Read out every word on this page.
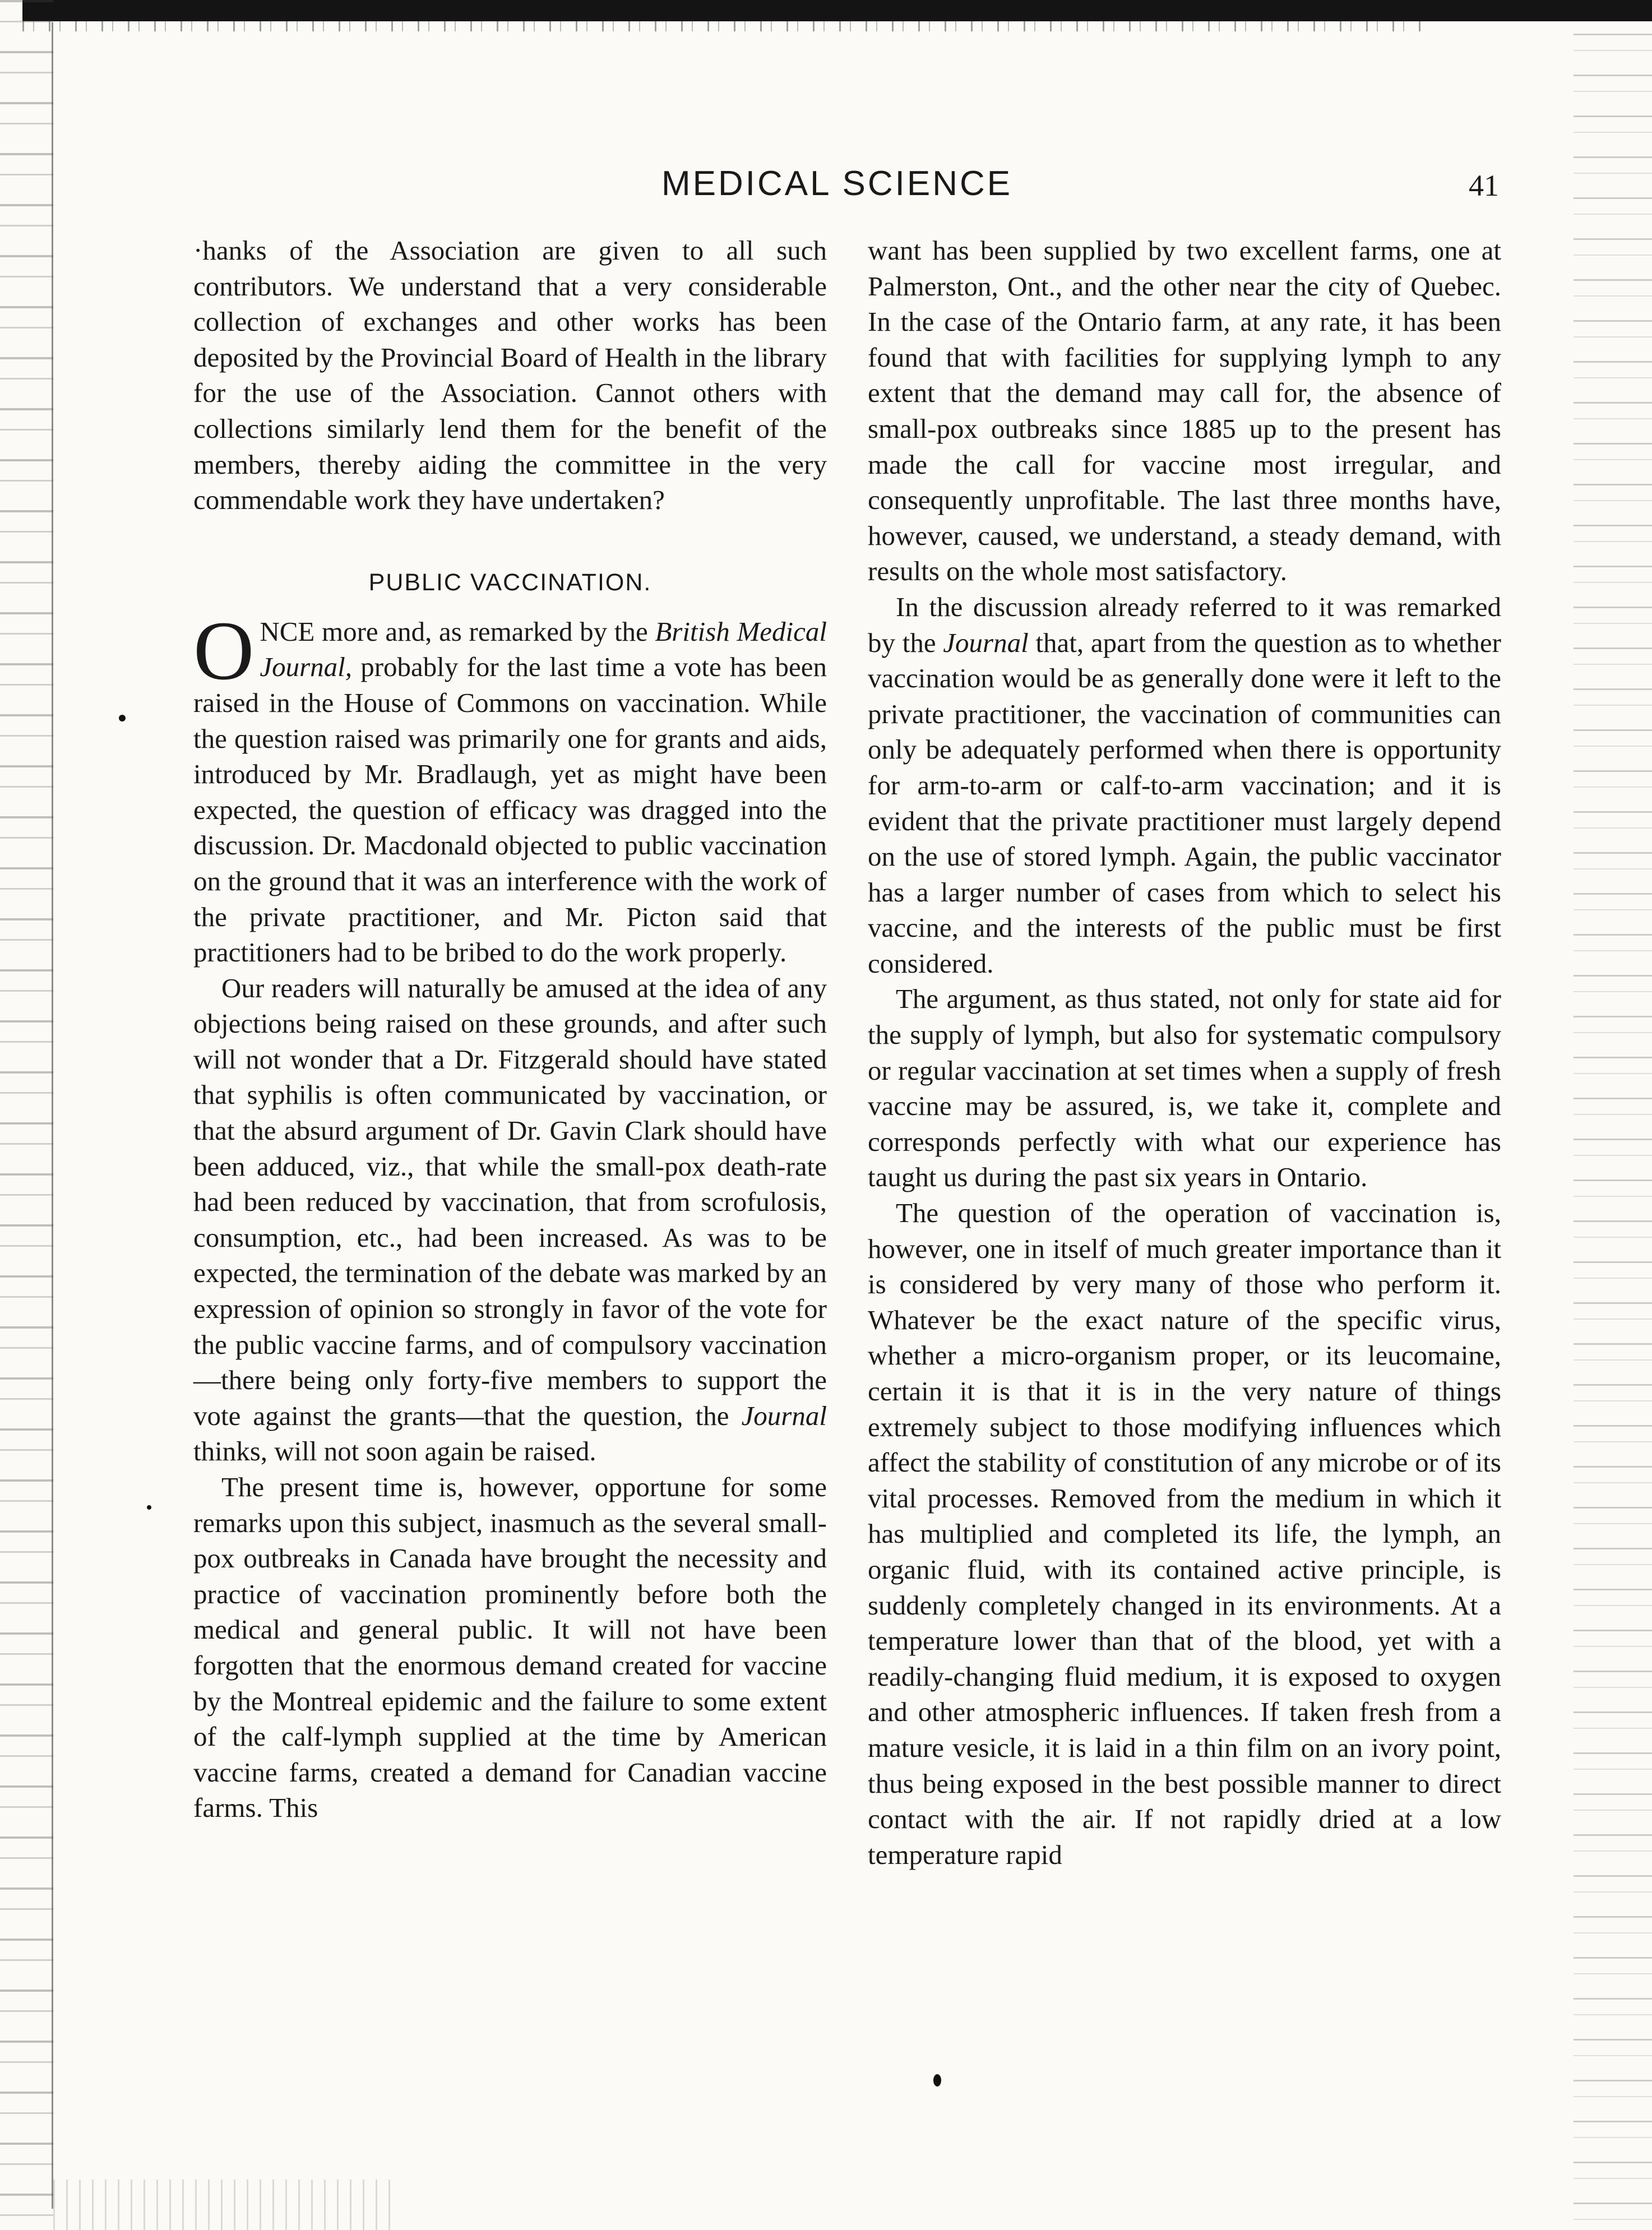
MEDICAL SCIENCE	41

·hanks of the Association are given to all such contributors. We understand that a very considerable collection of exchanges and other works has been deposited by the Provincial Board of Health in the library for the use of the Association. Cannot others with collections similarly lend them for the benefit of the members, thereby aiding the committee in the very commendable work they have undertaken?

PUBLIC VACCINATION.

ONCE more and, as remarked by the British Medical Journal, probably for the last time a vote has been raised in the House of Commons on vaccination. While the question raised was primarily one for grants and aids, introduced by Mr. Bradlaugh, yet as might have been expected, the question of efficacy was dragged into the discussion. Dr. Macdonald objected to public vaccination on the ground that it was an interference with the work of the private practitioner, and Mr. Picton said that practitioners had to be bribed to do the work properly.

Our readers will naturally be amused at the idea of any objections being raised on these grounds, and after such will not wonder that a Dr. Fitzgerald should have stated that syphilis is often communicated by vaccination, or that the absurd argument of Dr. Gavin Clark should have been adduced, viz., that while the small-pox death-rate had been reduced by vaccination, that from scrofulosis, consumption, etc., had been increased. As was to be expected, the termination of the debate was marked by an expression of opinion so strongly in favor of the vote for the public vaccine farms, and of compulsory vaccination—there being only forty-five members to support the vote against the grants—that the question, the Journal thinks, will not soon again be raised.

The present time is, however, opportune for some remarks upon this subject, inasmuch as the several small-pox outbreaks in Canada have brought the necessity and practice of vaccination prominently before both the medical and general public. It will not have been forgotten that the enormous demand created for vaccine by the Montreal epidemic and the failure to some extent of the calf-lymph supplied at the time by American vaccine farms, created a demand for Canadian vaccine farms. This

want has been supplied by two excellent farms, one at Palmerston, Ont., and the other near the city of Quebec. In the case of the Ontario farm, at any rate, it has been found that with facilities for supplying lymph to any extent that the demand may call for, the absence of small-pox outbreaks since 1885 up to the present has made the call for vaccine most irregular, and consequently unprofitable. The last three months have, however, caused, we understand, a steady demand, with results on the whole most satisfactory.

In the discussion already referred to it was remarked by the Journal that, apart from the question as to whether vaccination would be as generally done were it left to the private practitioner, the vaccination of communities can only be adequately performed when there is opportunity for arm-to-arm or calf-to-arm vaccination; and it is evident that the private practitioner must largely depend on the use of stored lymph. Again, the public vaccinator has a larger number of cases from which to select his vaccine, and the interests of the public must be first considered.

The argument, as thus stated, not only for state aid for the supply of lymph, but also for systematic compulsory or regular vaccination at set times when a supply of fresh vaccine may be assured, is, we take it, complete and corresponds perfectly with what our experience has taught us during the past six years in Ontario.

The question of the operation of vaccination is, however, one in itself of much greater importance than it is considered by very many of those who perform it. Whatever be the exact nature of the specific virus, whether a micro-organism proper, or its leucomaine, certain it is that it is in the very nature of things extremely subject to those modifying influences which affect the stability of constitution of any microbe or of its vital processes. Removed from the medium in which it has multiplied and completed its life, the lymph, an organic fluid, with its contained active principle, is suddenly completely changed in its environments. At a temperature lower than that of the blood, yet with a readily-changing fluid medium, it is exposed to oxygen and other atmospheric influences. If taken fresh from a mature vesicle, it is laid in a thin film on an ivory point, thus being exposed in the best possible manner to direct contact with the air. If not rapidly dried at a low temperature rapid
